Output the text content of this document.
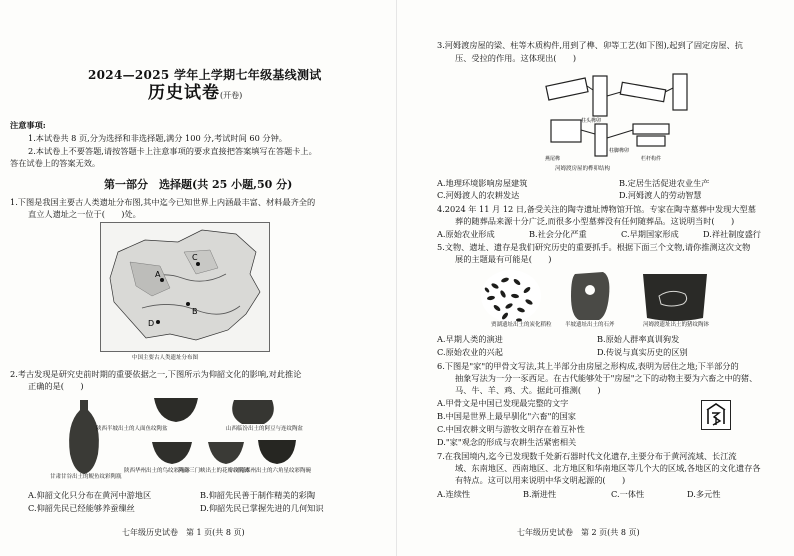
2024—2025 学年上学期七年级基线测试
历史试卷(开卷)
注意事项:
1.本试卷共 8 页,分为选择和非选择题,满分 100 分,考试时间 60 分钟。
2.本试卷上不要答题,请按答题卡上注意事项的要求直接把答案填写在答题卡上。
答在试卷上的答案无效。
第一部分　选择题(共 25 小题,50 分)
1.下图是我国主要古人类遗址分布图,其中迄今已知世界上内涵最丰富、材料最齐全的
直立人遗址之一位于(　　)处。
C
A
B
D
中国主要古人类遗址分布图
2.考古发现是研究史前时期的重要依据之一,下图所示为仰韶文化的影响,对此推论
正确的是(　　)
陕西半坡出土的人面鱼纹陶盆	山西临汾出土的阿豆与连纹陶盆
甘肃甘谷出土的鲵鱼纹彩陶瓶
陕西华州出土的鸟纹彩陶钵
河南三门峡出土的花瓣纹陶钵
河南郑州出土的六角星纹彩陶碗
A.仰韶文化只分布在黄河中游地区	B.仰韶先民善于制作精美的彩陶
C.仰韶先民已经能够养蚕缫丝	D.仰韶先民已掌握先进的几何知识
七年级历史试卷　第 1 页(共 8 页)
3.河姆渡房屋的梁、柱等木质构件,用到了榫、卯等工艺(如下图),起到了固定房屋、抗
压、受拉的作用。这体现出(　　)
柱头榫卯
柱脚榫卯
燕尾榫	栏杆构件
河姆渡房屋的榫卯结构
A.地理环境影响房屋建筑	B.定居生活促进农业生产
C.河姆渡人的农耕发达	D.河姆渡人的劳动智慧
4.2024 年 11 月 12 日,备受关注的陶寺遗址博物馆开馆。专家在陶寺墓葬中发现大型墓
葬的随葬品来源十分广泛,而很多小型墓葬没有任何随葬品。这说明当时(　　)
A.原始农业形成	B.社会分化严重	C.早期国家形成	D.祥社制度盛行
5.文物、遗址、遗存是我们研究历史的重要抓手。根据下面三个文物,请你推测这次文物
展的主题最有可能是(　　)
贾湖遗址出土的炭化稻粒 半坡遗址出土的石斧	河姆渡遗址出土的猪纹陶钵
A.早期人类的演进	B.原始人群率真训狗发
C.原始农业的兴起	D.传说与真实历史的区别
6.下图是"家"的甲骨文写法,其上半部分由房屋之形构成,表明为居住之地;下半部分的
抽象写法为一分一豕西足。在古代能够处于"房屋"之下的动物主要为六畜之中的猪、
马、牛、羊、鸡、犬。据此可推测(　　)
A.甲骨文是中国已发现最完整的文字
B.中国是世界上最早驯化"六畜"的国家
C.中国农耕文明与游牧文明存在着互补性
D."家"观念的形成与农耕生活紧密相关
7.在我国境内,迄今已发现数千处新石器时代文化遗存,主要分布于黄河流域、长江流
域、东南地区、西南地区、北方地区和华南地区等几个大的区域,各地区的文化遗存各
有特点。这可以用来说明中华文明起源的(　　)
A.连续性	B.渐进性	C.一体性	D.多元性
七年级历史试卷　第 2 页(共 8 页)
